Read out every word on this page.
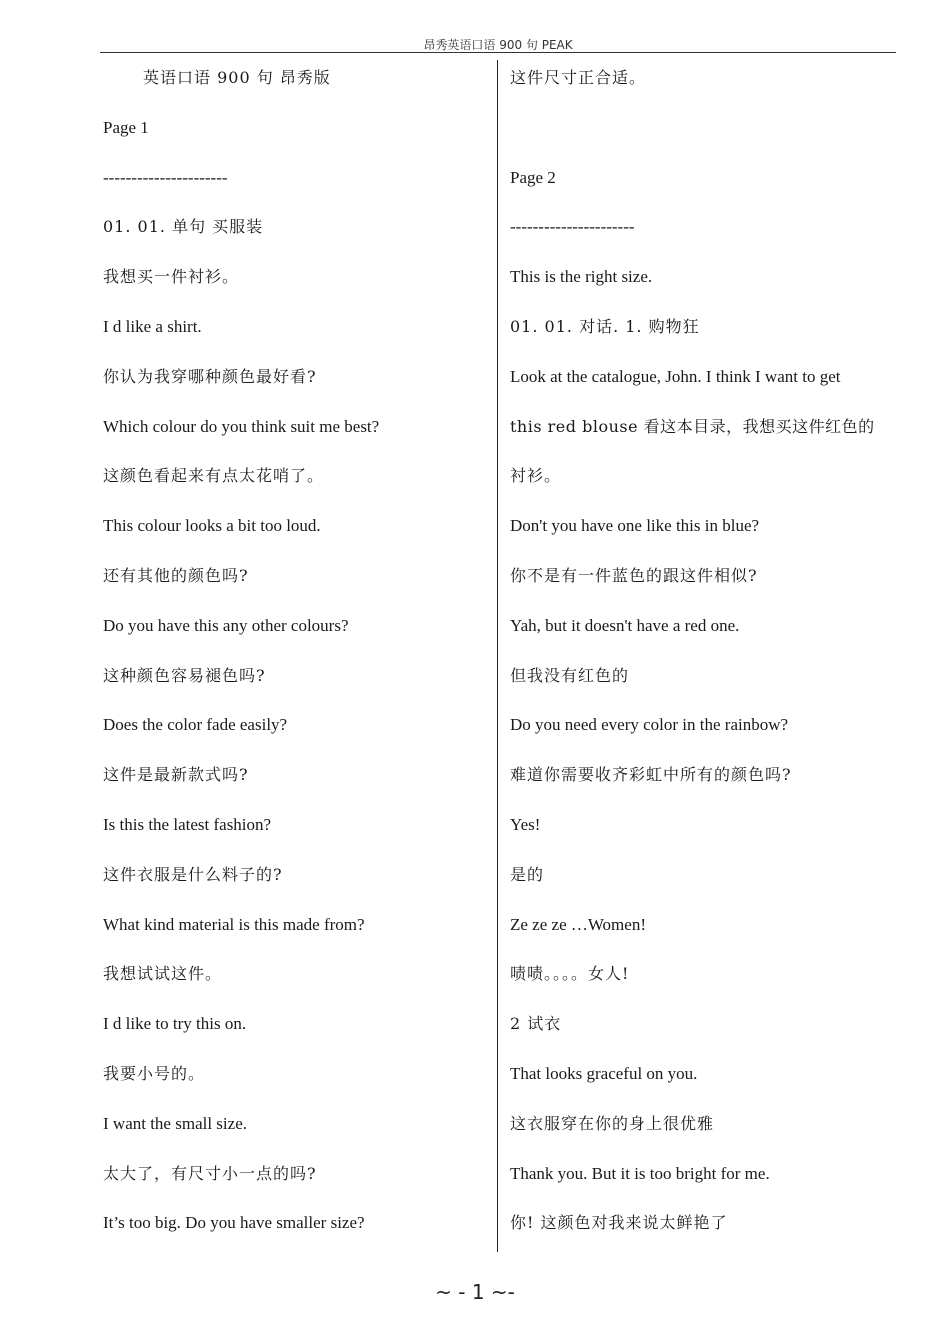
昂秀英语口语 900 句 PEAK
英语口语 900 句 昂秀版
Page 1
----------------------
01. 01. 单句 买服装
我想买一件衬衫。
I d like a shirt.
你认为我穿哪种颜色最好看?
Which colour do you think suit me best?
这颜色看起来有点太花哨了。
This colour looks a bit too loud.
还有其他的颜色吗?
Do you have this any other colours?
这种颜色容易褪色吗?
Does the color fade easily?
这件是最新款式吗?
Is this the latest fashion?
这件衣服是什么料子的?
What kind material is this made from?
我想试试这件。
I d like to try this on.
我要小号的。
I want the small size.
太大了，有尺寸小一点的吗?
It’s too big. Do you have smaller size?
这件尺寸正合适。
Page 2
----------------------
This is the right size.
01. 01. 对话. 1. 购物狂
Look at the catalogue, John. I think I want to get
this red blouse 看这本目录，我想买这件红色的
衬衫。
Don't you have one like this in blue?
你不是有一件蓝色的跟这件相似?
Yah, but it doesn't have a red one.
但我没有红色的
Do you need every color in the rainbow?
难道你需要收齐彩虹中所有的颜色吗?
Yes!
是的
Ze ze ze …Women!
啧啧。。。。女人!
2 试衣
That looks graceful on you.
这衣服穿在你的身上很优雅
Thank you. But it is too bright for me.
你! 这颜色对我来说太鲜艳了
~ - 1 ~-
